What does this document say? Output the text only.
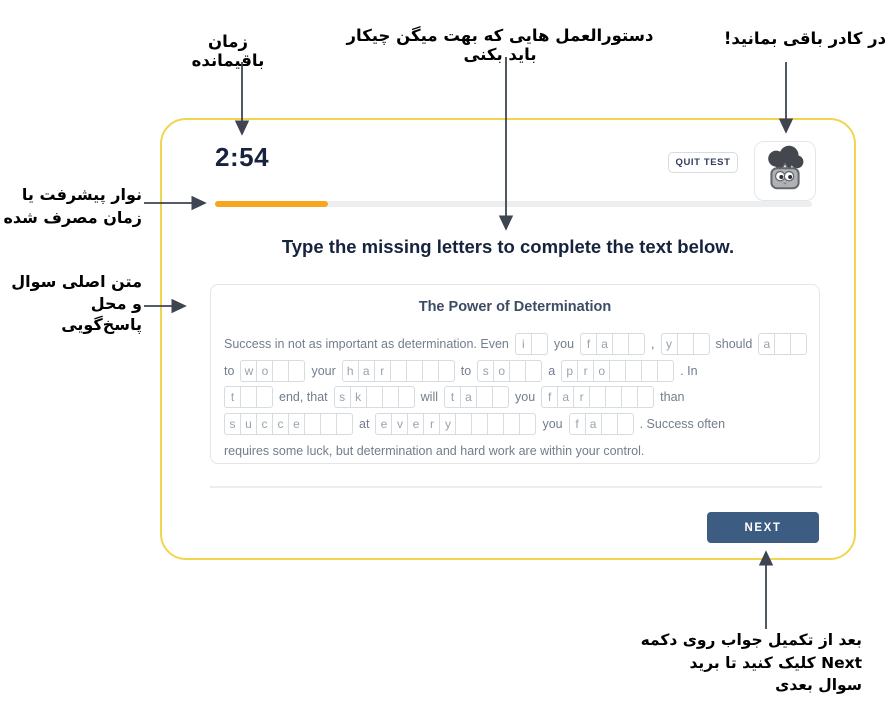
زمان باقیمانده
دستورالعمل هایی که بهت میگن چیکار باید بکنی
در کادر باقی بمانید!
نوار پیشرفت یا
زمان مصرف شده
متن اصلی سوال
و محل
پاسخ‌گویی
بعد از تکمیل جواب روی دکمه
Next کلیک کنید تا برید
سوال بعدی
2:54	QUIT TEST
Type the missing letters to complete the text below.
The Power of Determination
Success in not as important as determination. Even	i	you	f a	, y	should a
to w o	your h a r	to s o	a p r o	. In
t	end, that s k	will	t a	you	f a r	than
s u c c e	at e v e r y	you	f a	. Success often
requires some luck, but determination and hard work are within your control.
NEXT
